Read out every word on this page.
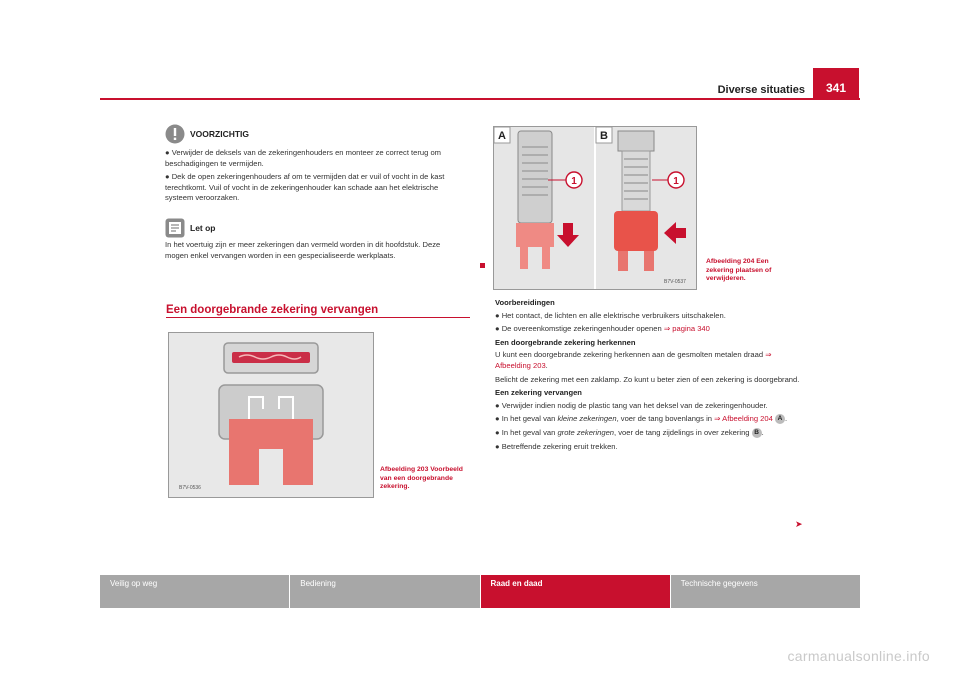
Diverse situaties	341
VOORZICHTIG

● Verwijder de deksels van de zekeringenhouders en monteer ze correct terug om beschadigingen te vermijden.

● Dek de open zekeringenhouders af om te vermijden dat er vuil of vocht in de kast terechtkomt. Vuil of vocht in de zekeringenhouder kan schade aan het elektrische systeem veroorzaken.

Let op

In het voertuig zijn er meer zekeringen dan vermeld worden in dit hoofdstuk. Deze mogen enkel vervangen worden in een gespecialiseerde werkplaats.

Een doorgebrande zekering vervangen
B7V-0536
Afbeelding 203 Voorbeeld van een doorgebrande zekering.
A	B
1	1
B7V-0537
Afbeelding 204 Een zekering plaatsen of verwijderen.

Voorbereidingen

● Het contact, de lichten en alle elektrische verbruikers uitschakelen.

● De overeenkomstige zekeringenhouder openen ⇒ pagina 340

Een doorgebrande zekering herkennen

U kunt een doorgebrande zekering herkennen aan de gesmolten metalen draad ⇒ Afbeelding 203.

Belicht de zekering met een zaklamp. Zo kunt u beter zien of een zekering is doorgebrand.

Een zekering vervangen

● Verwijder indien nodig de plastic tang van het deksel van de zekeringenhouder.

● In het geval van kleine zekeringen, voer de tang bovenlangs in ⇒ Afbeelding 204 A .

● In het geval van grote zekeringen, voer de tang zijdelings in over zekering B .

● Betreffende zekering eruit trekken.

➤
Veilig op weg	Bediening	Raad en daad	Technische gegevens
carmanualsonline.info
